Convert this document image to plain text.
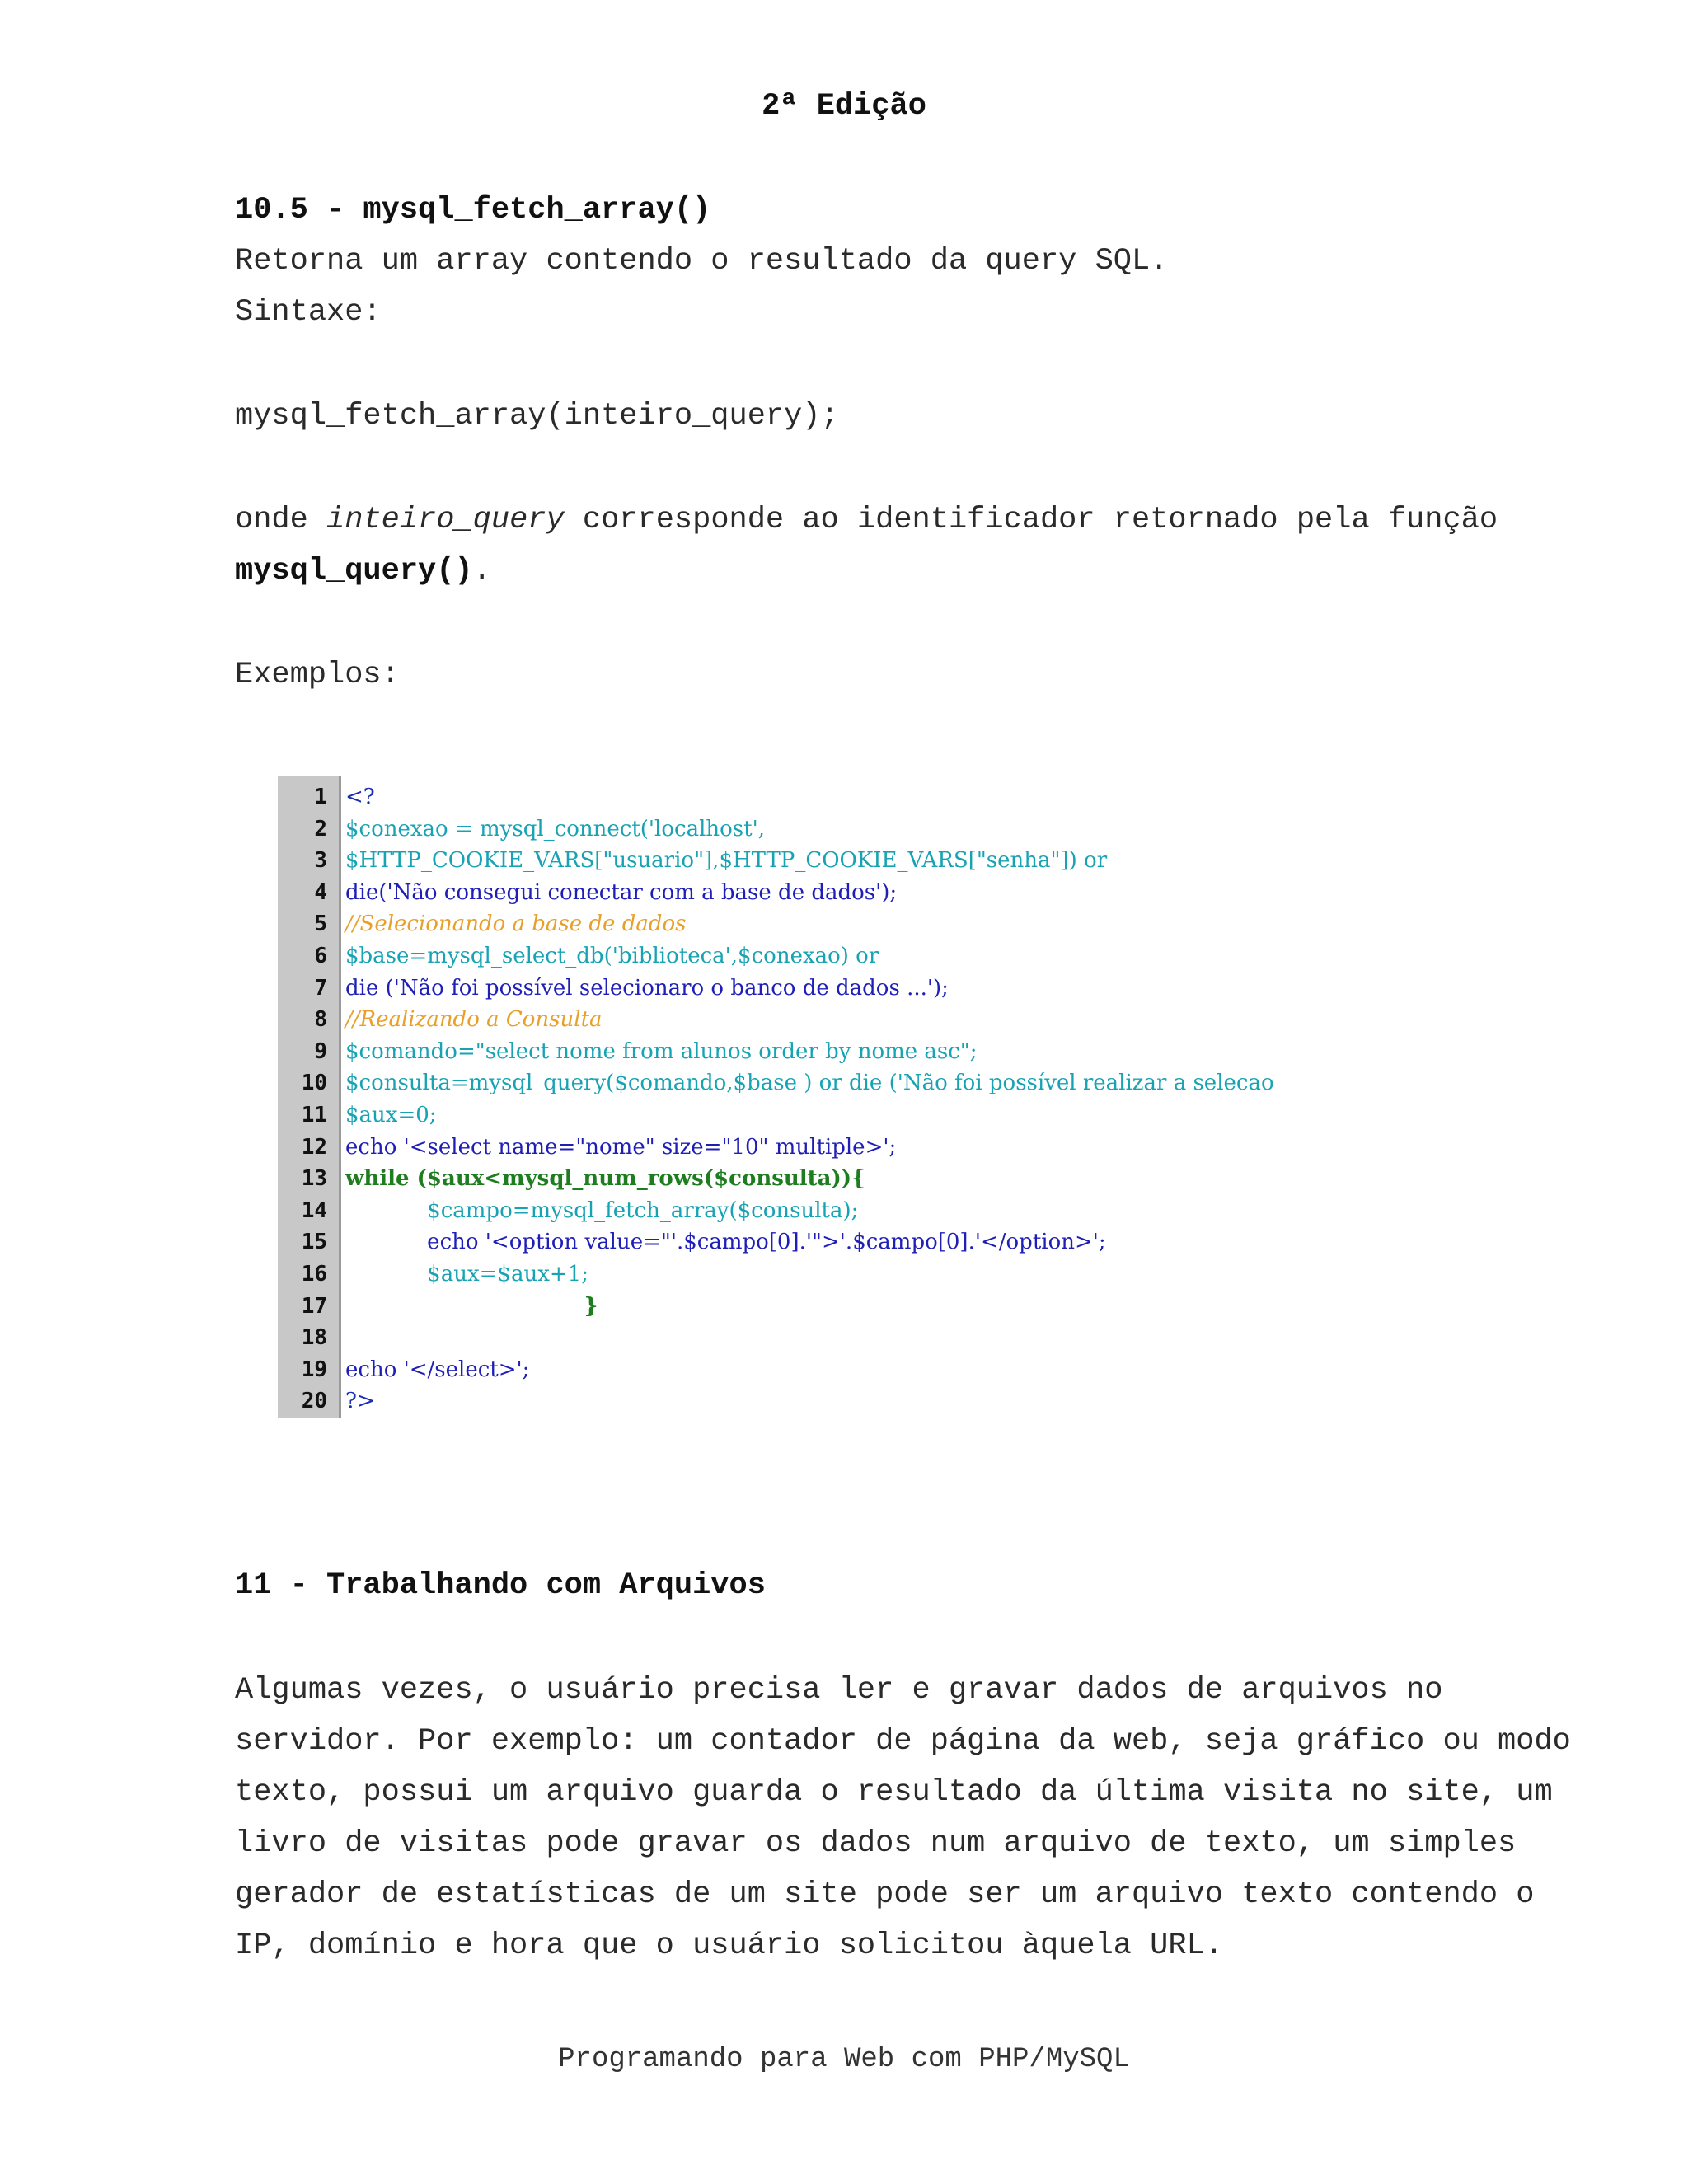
2ª Edição
10.5 - mysql_fetch_array()
Retorna um array contendo o resultado da query SQL.
Sintaxe:
mysql_fetch_array(inteiro_query);
onde inteiro_query corresponde ao identificador retornado pela função
mysql_query().
Exemplos:
1 <?
2 $conexao = mysql_connect('localhost',
3 $HTTP_COOKIE_VARS["usuario"],$HTTP_COOKIE_VARS["senha"]) or
4 die('Não consegui conectar com a base de dados');
5 //Selecionando a base de dados
6 $base=mysql_select_db('biblioteca',$conexao) or
7 die ('Não foi possível selecionaro o banco de dados ...');
8 //Realizando a Consulta
9 $comando="select nome from alunos order by nome asc";
10 $consulta=mysql_query($comando,$base ) or die ('Não foi possível realizar a selecao
11 $aux=0;
12 echo '<select name="nome" size="10" multiple>';
13 while ($aux<mysql_num_rows($consulta)){
14 $campo=mysql_fetch_array($consulta);
15 echo '<option value="'.$campo[0].'">'.$campo[0].'</option>';
16 $aux=$aux+1;
17 }
18
19 echo '</select>';
20 ?>
11 - Trabalhando com Arquivos
Algumas vezes, o usuário precisa ler e gravar dados de arquivos no
servidor. Por exemplo: um contador de página da web, seja gráfico ou modo
texto, possui um arquivo guarda o resultado da última visita no site, um
livro de visitas pode gravar os dados num arquivo de texto, um simples
gerador de estatísticas de um site pode ser um arquivo texto contendo o
IP, domínio e hora que o usuário solicitou àquela URL.
Programando para Web com PHP/MySQL
